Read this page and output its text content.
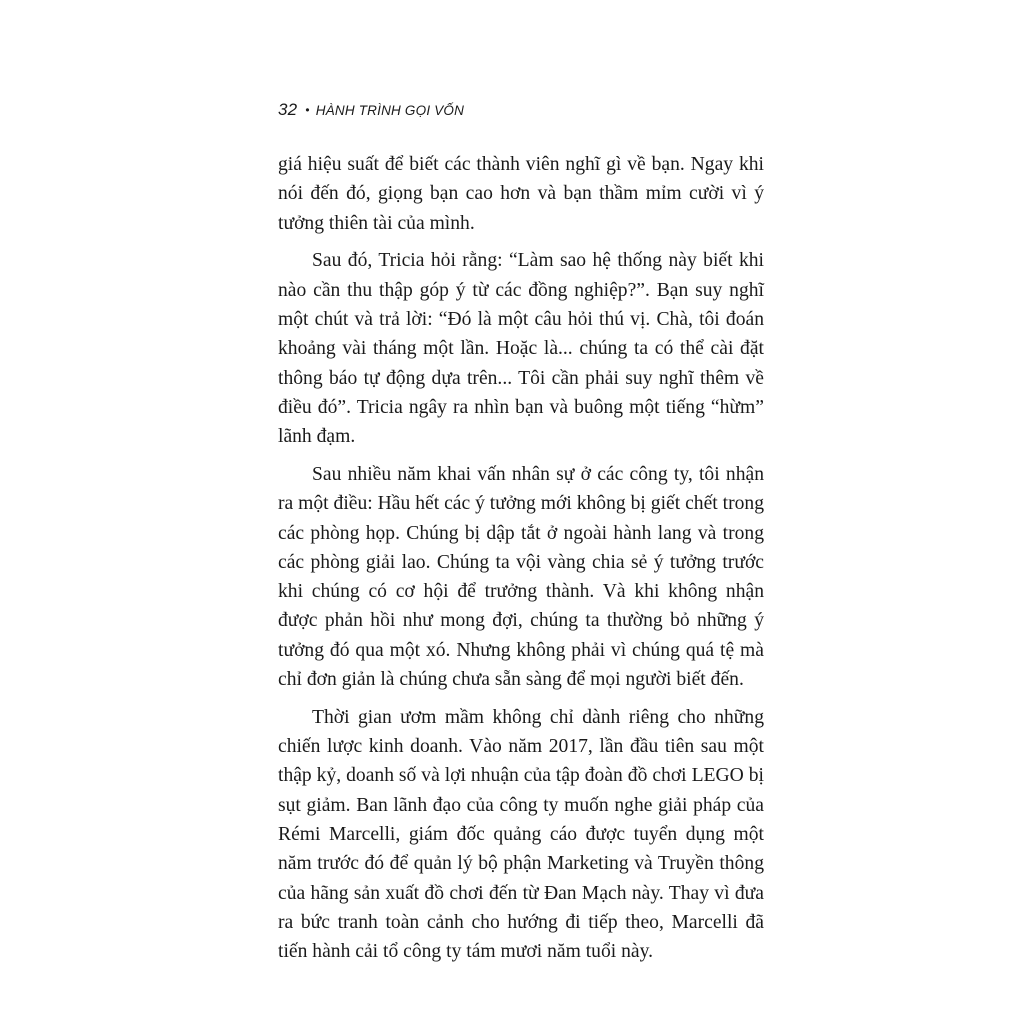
32 • HÀNH TRÌNH GỌI VỐN

giá hiệu suất để biết các thành viên nghĩ gì về bạn. Ngay khi nói đến đó, giọng bạn cao hơn và bạn thầm mỉm cười vì ý tưởng thiên tài của mình.

Sau đó, Tricia hỏi rằng: “Làm sao hệ thống này biết khi nào cần thu thập góp ý từ các đồng nghiệp?”. Bạn suy nghĩ một chút và trả lời: “Đó là một câu hỏi thú vị. Chà, tôi đoán khoảng vài tháng một lần. Hoặc là... chúng ta có thể cài đặt thông báo tự động dựa trên... Tôi cần phải suy nghĩ thêm về điều đó”. Tricia ngây ra nhìn bạn và buông một tiếng “hừm” lãnh đạm.

Sau nhiều năm khai vấn nhân sự ở các công ty, tôi nhận ra một điều: Hầu hết các ý tưởng mới không bị giết chết trong các phòng họp. Chúng bị dập tắt ở ngoài hành lang và trong các phòng giải lao. Chúng ta vội vàng chia sẻ ý tưởng trước khi chúng có cơ hội để trưởng thành. Và khi không nhận được phản hồi như mong đợi, chúng ta thường bỏ những ý tưởng đó qua một xó. Nhưng không phải vì chúng quá tệ mà chỉ đơn giản là chúng chưa sẵn sàng để mọi người biết đến.

Thời gian ươm mầm không chỉ dành riêng cho những chiến lược kinh doanh. Vào năm 2017, lần đầu tiên sau một thập kỷ, doanh số và lợi nhuận của tập đoàn đồ chơi LEGO bị sụt giảm. Ban lãnh đạo của công ty muốn nghe giải pháp của Rémi Marcelli, giám đốc quảng cáo được tuyển dụng một năm trước đó để quản lý bộ phận Marketing và Truyền thông của hãng sản xuất đồ chơi đến từ Đan Mạch này. Thay vì đưa ra bức tranh toàn cảnh cho hướng đi tiếp theo, Marcelli đã tiến hành cải tổ công ty tám mươi năm tuổi này.
